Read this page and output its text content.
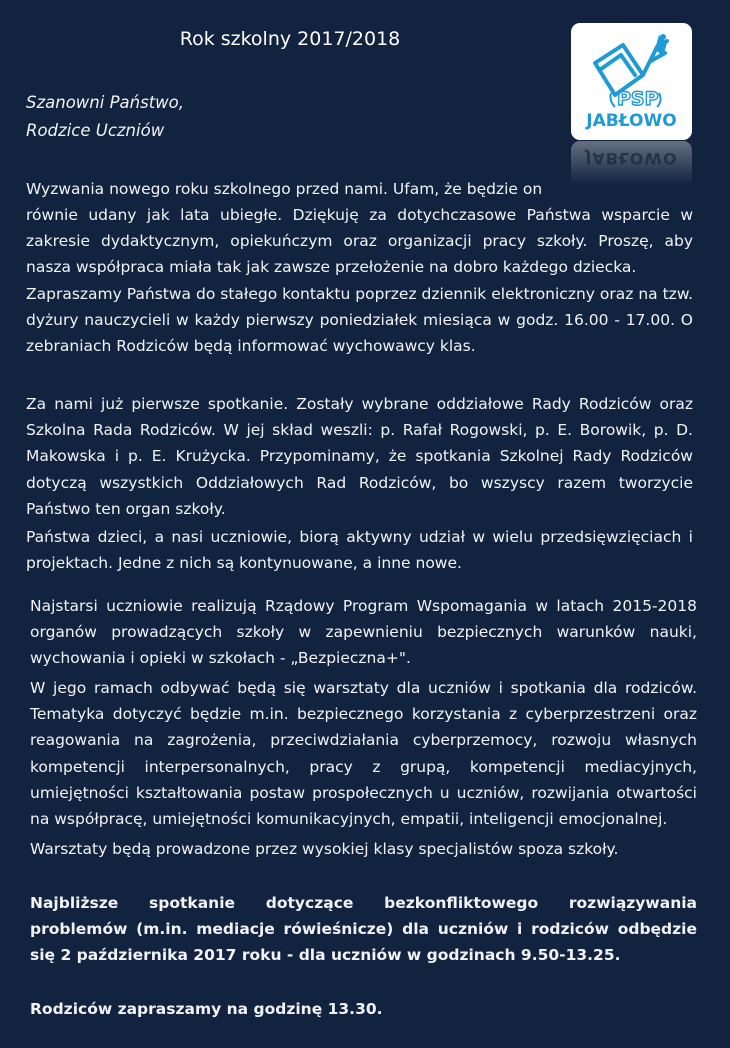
Rok szkolny 2017/2018
Szanowni Państwo,
Rodzice Uczniów
PSP
JABŁOWO
JABŁOWO
Wyzwania nowego roku szkolnego przed nami. Ufam, że będzie on
równie udany jak lata ubiegłe. Dziękuję za dotychczasowe Państwa wsparcie w zakresie dydaktycznym, opiekuńczym oraz organizacji pracy szkoły. Proszę, aby nasza współpraca miała tak jak zawsze przełożenie na dobro każdego dziecka.
Zapraszamy Państwa do stałego kontaktu poprzez dziennik elektroniczny oraz na tzw. dyżury nauczycieli w każdy pierwszy poniedziałek miesiąca w godz. 16.00 - 17.00. O zebraniach Rodziców będą informować wychowawcy klas.
Za nami już pierwsze spotkanie. Zostały wybrane oddziałowe Rady Rodziców oraz Szkolna Rada Rodziców. W jej skład weszli: p. Rafał Rogowski, p. E. Borowik, p. D. Makowska i p. E. Krużycka. Przypominamy, że spotkania Szkolnej Rady Rodziców dotyczą wszystkich Oddziałowych Rad Rodziców, bo wszyscy razem tworzycie Państwo ten organ szkoły.
Państwa dzieci, a nasi uczniowie, biorą aktywny udział w wielu przedsięwzięciach i projektach. Jedne z nich są kontynuowane, a inne nowe.
Najstarsi uczniowie realizują Rządowy Program Wspomagania w latach 2015-2018 organów prowadzących szkoły w zapewnieniu bezpiecznych warunków nauki, wychowania i opieki w szkołach - „Bezpieczna+".
W jego ramach odbywać będą się warsztaty dla uczniów i spotkania dla rodziców. Tematyka dotyczyć będzie m.in. bezpiecznego korzystania z cyberprzestrzeni oraz reagowania na zagrożenia, przeciwdziałania cyberprzemocy, rozwoju własnych kompetencji interpersonalnych, pracy z grupą, kompetencji mediacyjnych, umiejętności kształtowania postaw prospołecznych u uczniów, rozwijania otwartości na współpracę, umiejętności komunikacyjnych, empatii, inteligencji emocjonalnej.
Warsztaty będą prowadzone przez wysokiej klasy specjalistów spoza szkoły.
Najbliższe spotkanie dotyczące bezkonfliktowego rozwiązywania problemów (m.in. mediacje rówieśnicze) dla uczniów i rodziców odbędzie się 2 października 2017 roku - dla uczniów w godzinach 9.50-13.25.
Rodziców zapraszamy na godzinę 13.30.
